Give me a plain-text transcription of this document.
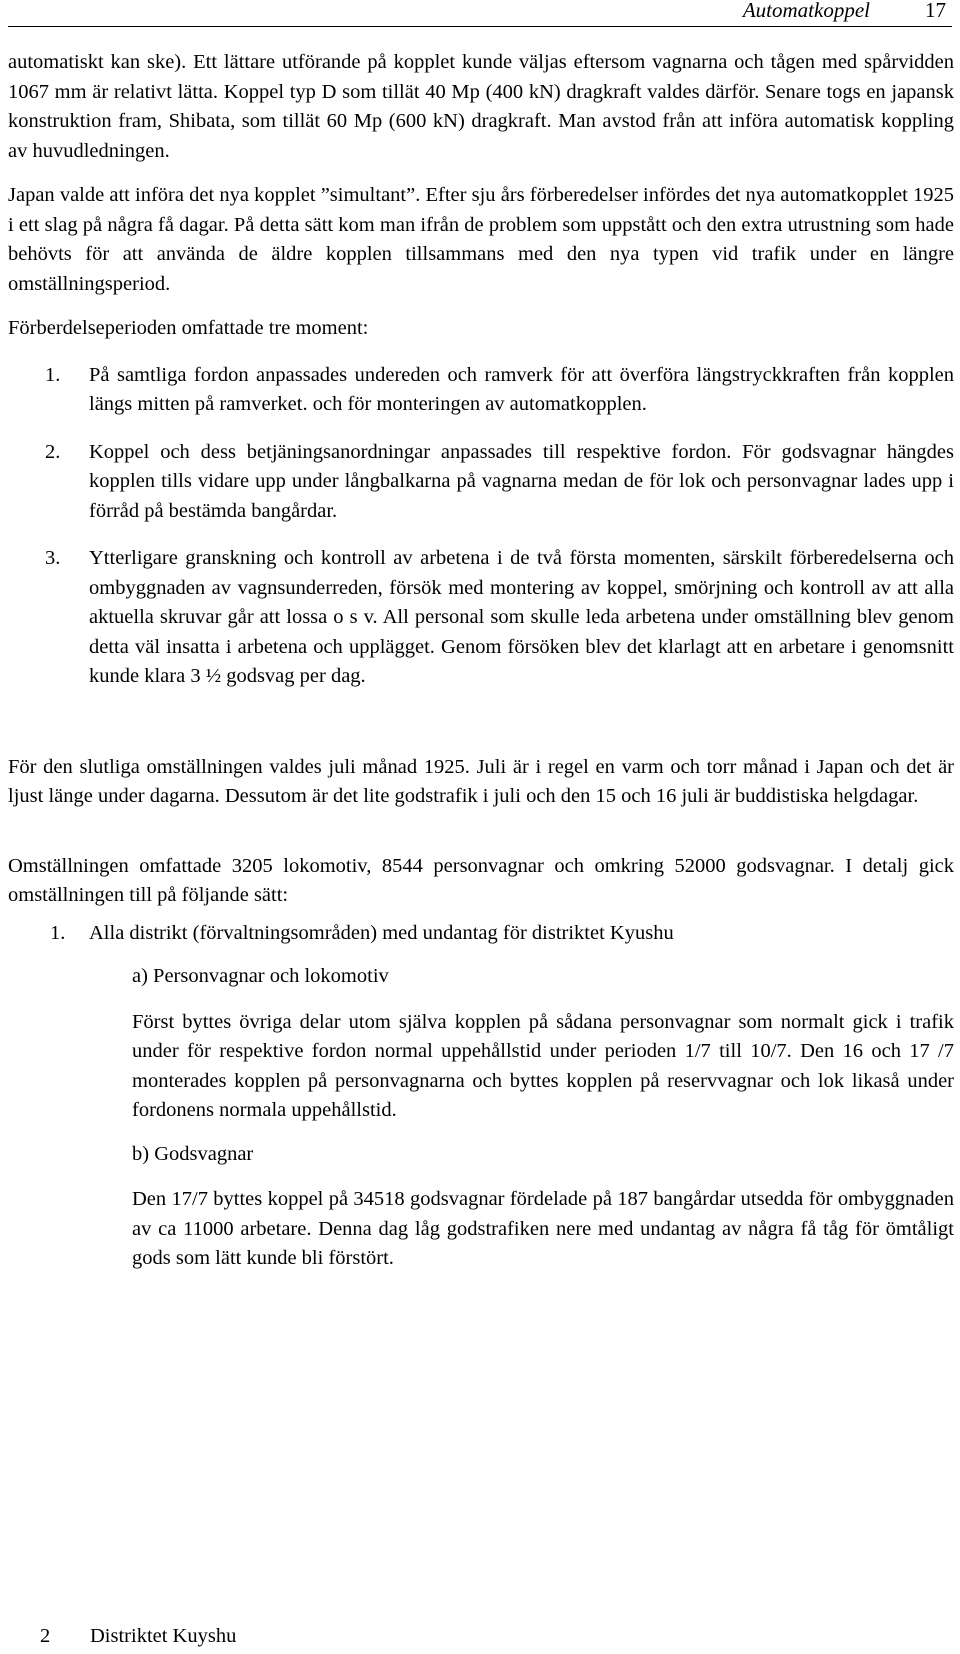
Automatkoppel	17

automatiskt kan ske). Ett lättare utförande på kopplet kunde väljas eftersom vagnarna och tågen med spårvidden 1067 mm är relativt lätta. Koppel typ D som tillät 40 Mp (400 kN) dragkraft valdes därför. Senare togs en japansk konstruktion fram, Shibata, som tillät 60 Mp (600 kN) dragkraft. Man avstod från att införa automatisk koppling av huvudledningen.

Japan valde att införa det nya kopplet ”simultant”. Efter sju års förberedelser infördes det nya automatkopplet 1925 i ett slag på några få dagar. På detta sätt kom man ifrån de problem som uppstått och den extra utrustning som hade behövts för att använda de äldre kopplen tillsammans med den nya typen vid trafik under en längre omställningsperiod.

Förberdelseperioden omfattade tre moment:

1. På samtliga fordon anpassades undereden och ramverk för att överföra längstryckkraften från kopplen längs mitten på ramverket. och för monteringen av automatkopplen.

2. Koppel och dess betjäningsanordningar anpassades till respektive fordon. För godsvagnar hängdes kopplen tills vidare upp under långbalkarna på vagnarna medan de för lok och personvagnar lades upp i förråd på bestämda bangårdar.

3. Ytterligare granskning och kontroll av arbetena i de två första momenten, särskilt förberedelserna och ombyggnaden av vagnsunderreden, försök med montering av koppel, smörjning och kontroll av att alla aktuella skruvar går att lossa o s v. All personal som skulle leda arbetena under omställning blev genom detta väl insatta i arbetena och upplägget. Genom försöken blev det klarlagt att en arbetare i genomsnitt kunde klara 3 ½ godsvag per dag.

För den slutliga omställningen valdes juli månad 1925. Juli är i regel en varm och torr månad i Japan och det är ljust länge under dagarna. Dessutom är det lite godstrafik i juli och den 15 och 16 juli är buddistiska helgdagar.

Omställningen omfattade 3205 lokomotiv, 8544 personvagnar och omkring 52000 godsvagnar. I detalj gick omställningen till på följande sätt:

1. Alla distrikt (förvaltningsområden) med undantag för distriktet Kyushu
a) Personvagnar och lokomotiv

Först byttes övriga delar utom själva kopplen på sådana personvagnar som normalt gick i trafik under för respektive fordon normal uppehållstid under perioden 1/7 till 10/7. Den 16 och 17 /7 monterades kopplen på personvagnarna och byttes kopplen på reservvagnar och lok likaså under fordonens normala uppehållstid.

b) Godsvagnar

Den 17/7 byttes koppel på 34518 godsvagnar fördelade på 187 bangårdar utsedda för ombyggnaden av ca 11000 arbetare. Denna dag låg godstrafiken nere med undantag av några få tåg för ömtåligt gods som lätt kunde bli förstört.

2 Distriktet Kuyshu
